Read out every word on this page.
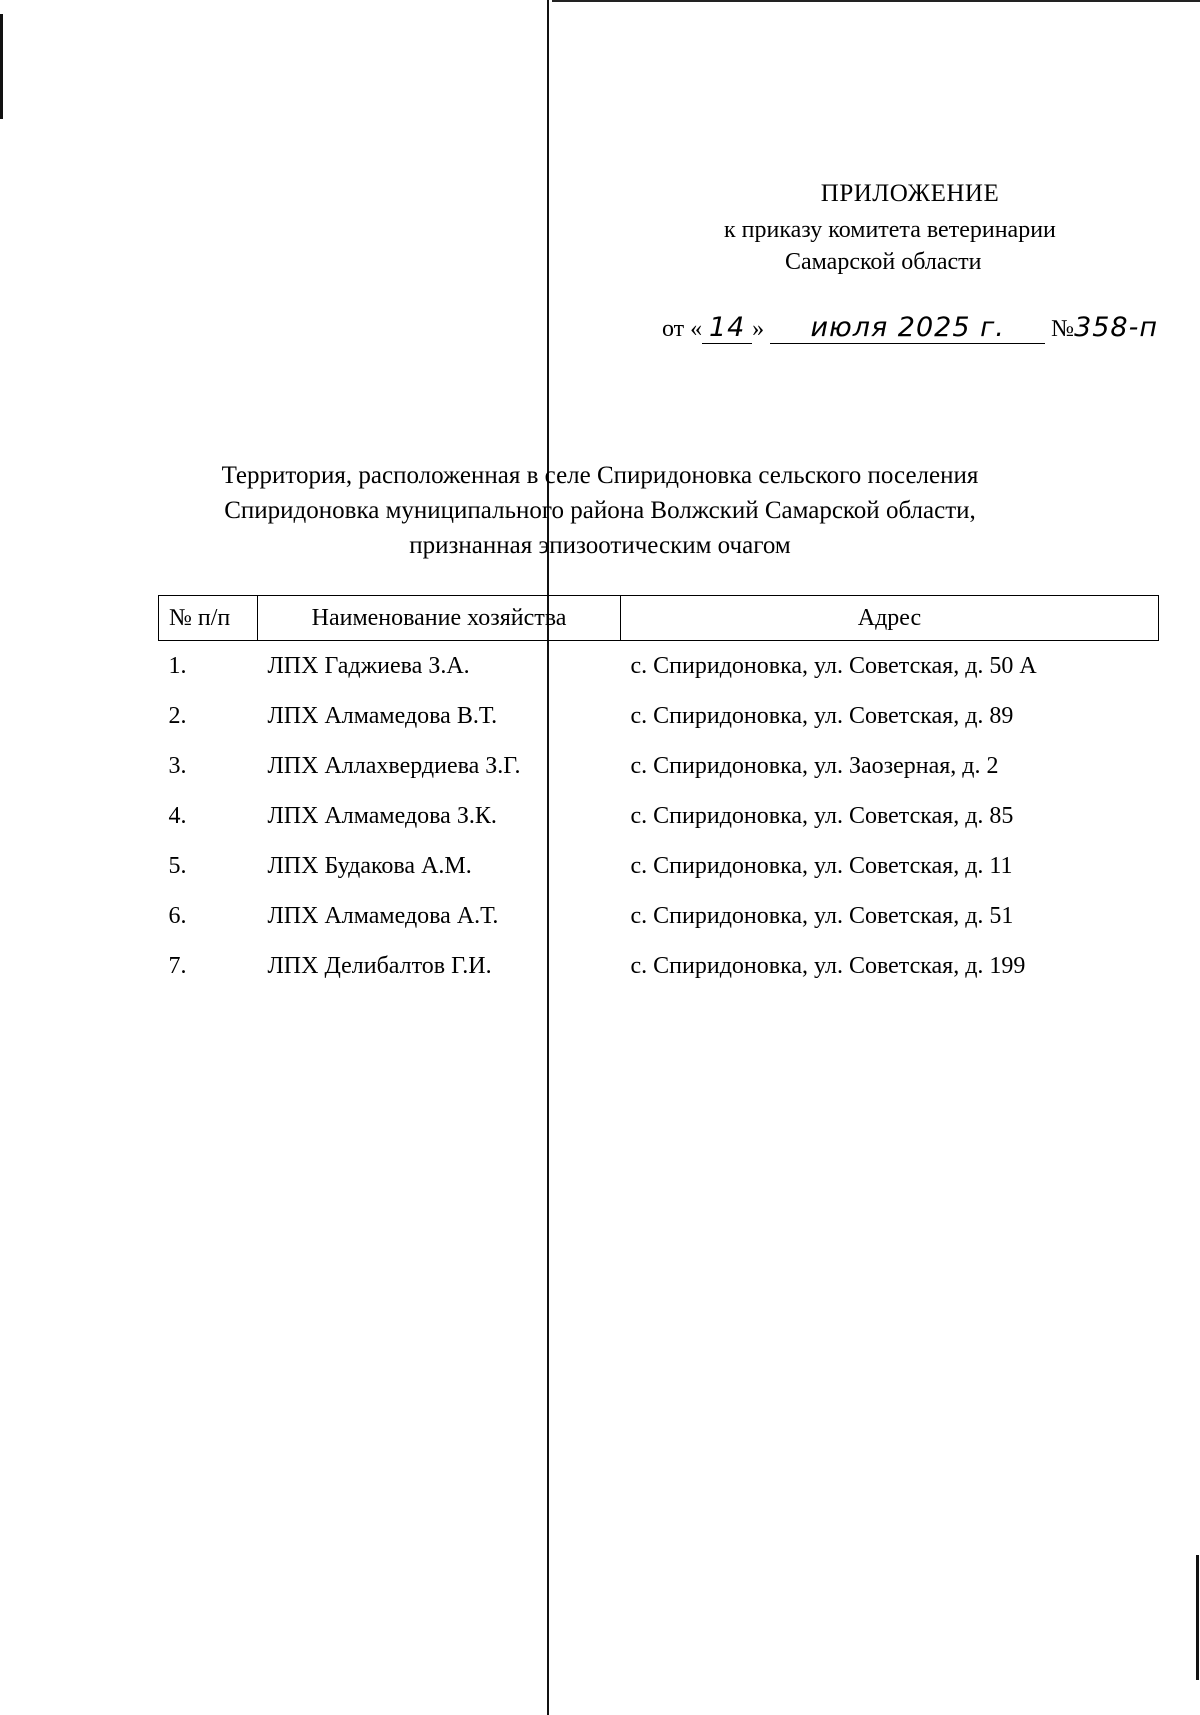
ПРИЛОЖЕНИЕ
к приказу комитета ветеринарии
Самарской области
от « 14 » июля 2025 г. №358-п
Территория, расположенная в селе Спиридоновка сельского поселения
Спиридоновка муниципального района Волжский Самарской области,
признанная эпизоотическим очагом
№ п/п	Наименование хозяйства	Адрес
1.	ЛПХ Гаджиева З.А.	с. Спиридоновка, ул. Советская, д. 50 А
2.	ЛПХ Алмамедова В.Т.	с. Спиридоновка, ул. Советская, д. 89
3.	ЛПХ Аллахвердиева З.Г.	с. Спиридоновка, ул. Заозерная, д. 2
4.	ЛПХ Алмамедова З.К.	с. Спиридоновка, ул. Советская, д. 85
5.	ЛПХ Будакова А.М.	с. Спиридоновка, ул. Советская, д. 11
6.	ЛПХ Алмамедова А.Т.	с. Спиридоновка, ул. Советская, д. 51
7.	ЛПХ Делибалтов Г.И.	с. Спиридоновка, ул. Советская, д. 199
